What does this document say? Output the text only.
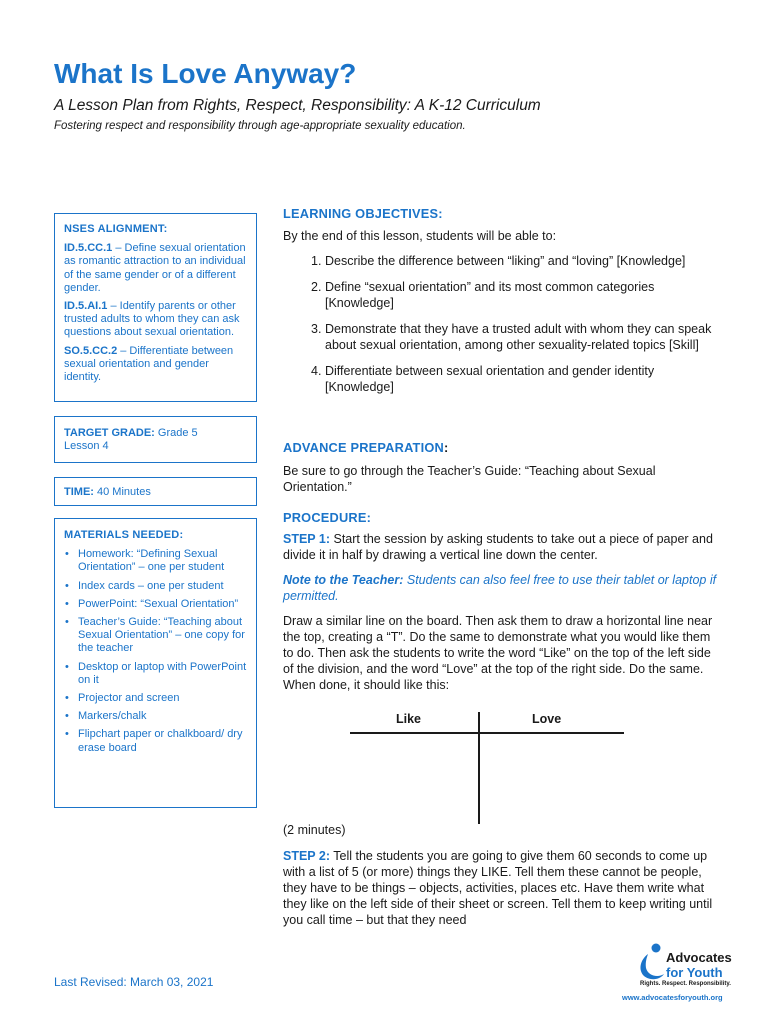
What Is Love Anyway?
A Lesson Plan from Rights, Respect, Responsibility: A K-12 Curriculum
Fostering respect and responsibility through age-appropriate sexuality education.
NSES ALIGNMENT:
ID.5.CC.1 – Define sexual orientation as romantic attraction to an individual of the same gender or of a different gender.
ID.5.AI.1 – Identify parents or other trusted adults to whom they can ask questions about sexual orientation.
SO.5.CC.2 – Differentiate between sexual orientation and gender identity.
TARGET GRADE: Grade 5
Lesson 4
TIME: 40 Minutes
MATERIALS NEEDED:
• Homework: “Defining Sexual Orientation” – one per student
• Index cards – one per student
• PowerPoint: “Sexual Orientation”
• Teacher’s Guide: “Teaching about Sexual Orientation” – one copy for the teacher
• Desktop or laptop with PowerPoint on it
• Projector and screen
• Markers/chalk
• Flipchart paper or chalkboard/ dry erase board
LEARNING OBJECTIVES:
By the end of this lesson, students will be able to:
1. Describe the difference between “liking” and “loving” [Knowledge]
2. Define “sexual orientation” and its most common categories [Knowledge]
3. Demonstrate that they have a trusted adult with whom they can speak about sexual orientation, among other sexuality-related topics [Skill]
4. Differentiate between sexual orientation and gender identity [Knowledge]
ADVANCE PREPARATION:
Be sure to go through the Teacher’s Guide: “Teaching about Sexual Orientation.”
PROCEDURE:
STEP 1: Start the session by asking students to take out a piece of paper and divide it in half by drawing a vertical line down the center.
Note to the Teacher: Students can also feel free to use their tablet or laptop if permitted.
Draw a similar line on the board. Then ask them to draw a horizontal line near the top, creating a “T”. Do the same to demonstrate what you would like them to do. Then ask the students to write the word “Like” on the top of the left side of the division, and the word “Love” at the top of the right side. Do the same. When done, it should like this:
Like	Love
(2 minutes)
STEP 2: Tell the students you are going to give them 60 seconds to come up with a list of 5 (or more) things they LIKE. Tell them these cannot be people, they have to be things – objects, activities, places etc. Have them write what they like on the left side of their sheet or screen. Tell them to keep writing until you call time – but that they need
Last Revised: March 03, 2021
Advocates
for Youth
Rights. Respect. Responsibility.
www.advocatesforyouth.org
